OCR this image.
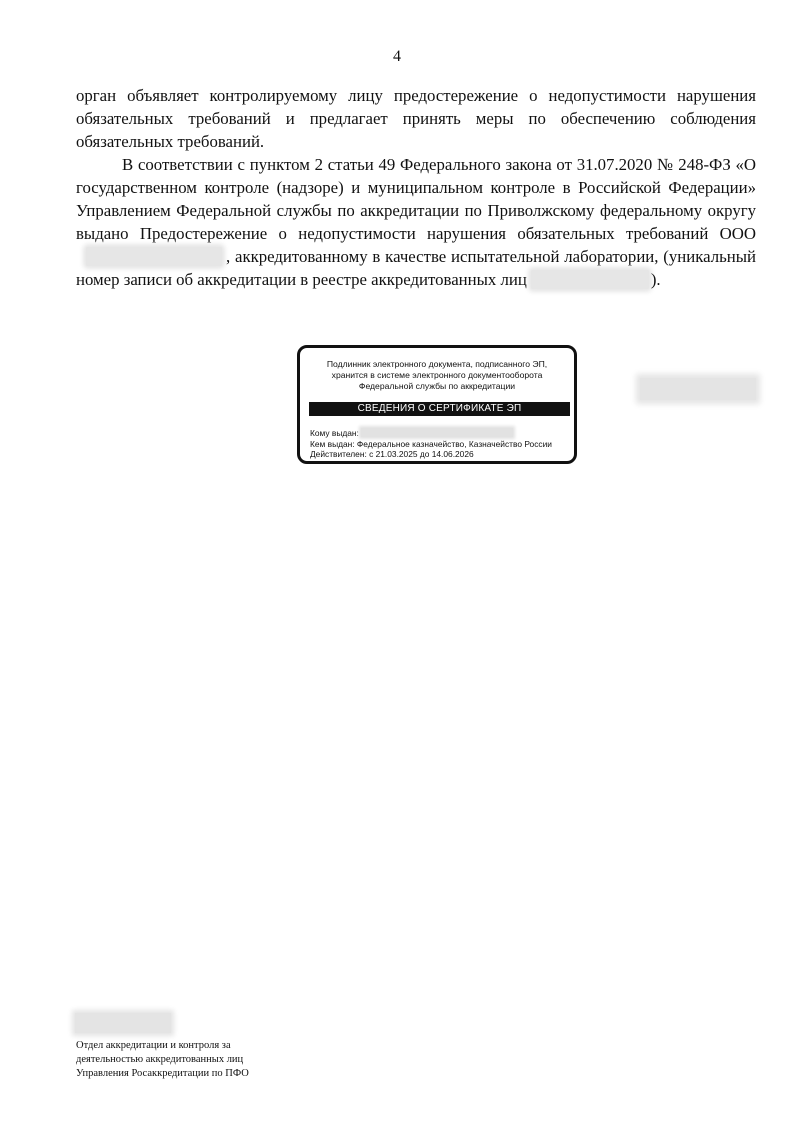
4

орган объявляет контролируемому лицу предостережение о недопустимости нарушения обязательных требований и предлагает принять меры по обеспечению соблюдения обязательных требований.

В соответствии с пунктом 2 статьи 49 Федерального закона от 31.07.2020 № 248-ФЗ «О государственном контроле (надзоре) и муниципальном контроле в Российской Федерации» Управлением Федеральной службы по аккредитации по Приволжскому федеральному округу выдано Предостережение о недопустимости нарушения обязательных требований ООО, аккредитованному в качестве испытательной лаборатории, (уникальный номер записи об аккредитации в реестре аккредитованных лиц	).

Подлинник электронного документа, подписанного ЭП,
хранится в системе электронного документооборота
Федеральной службы по аккредитации
СВЕДЕНИЯ О СЕРТИФИКАТЕ ЭП
Кому выдан:
Кем выдан: Федеральное казначейство, Казначейство России
Действителен: с 21.03.2025 до 14.06.2026
Отдел аккредитации и контроля за
деятельностью аккредитованных лиц
Управления Росаккредитации по ПФО
